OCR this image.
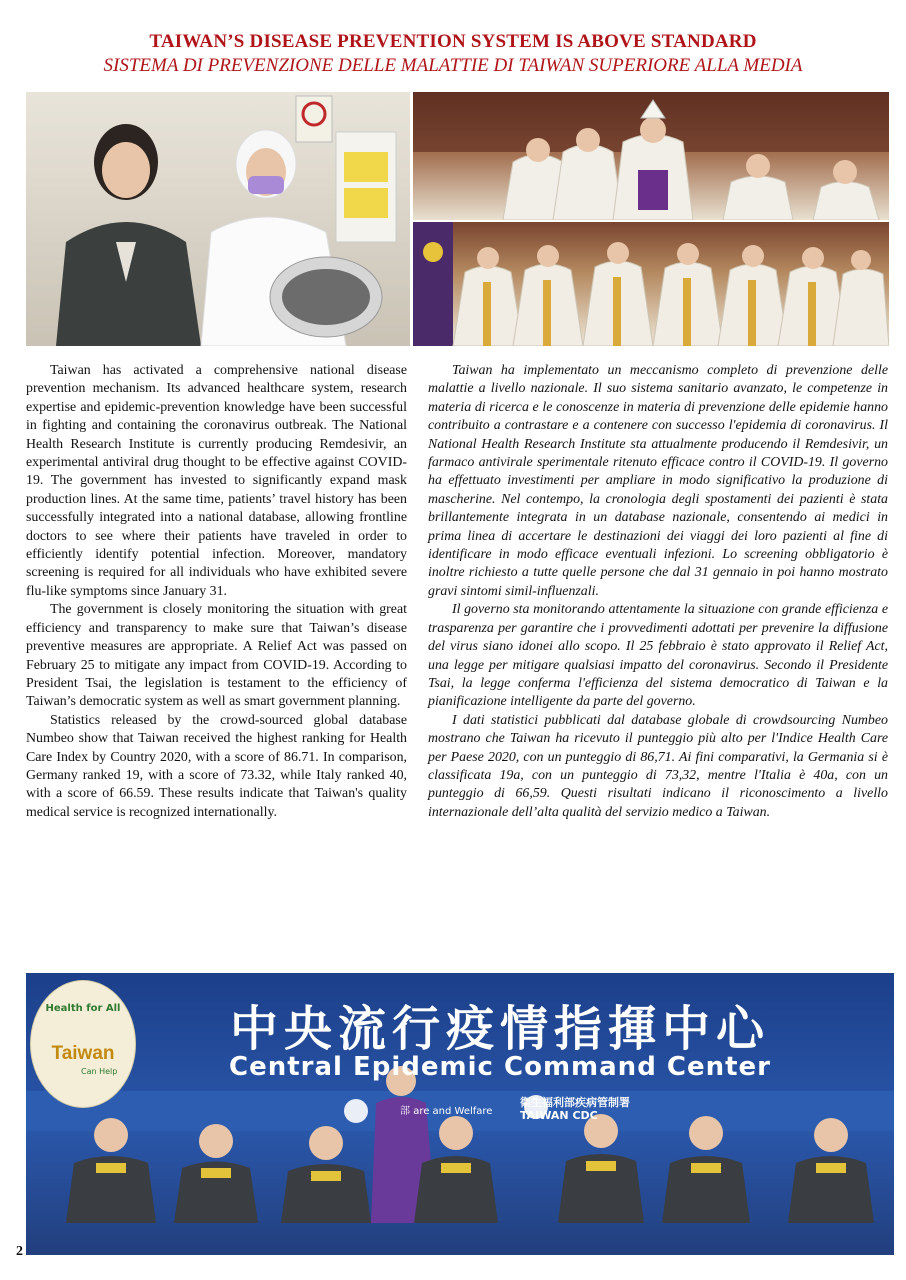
TAIWAN’S DISEASE PREVENTION SYSTEM IS ABOVE STANDARD
SISTEMA DI PREVENZIONE DELLE MALATTIE DI TAIWAN SUPERIORE ALLA MEDIA

Taiwan has activated a comprehensive national disease prevention mechanism. Its advanced healthcare system, research expertise and epidemic-prevention knowledge have been successful in fighting and containing the coronavirus outbreak. The National Health Research Institute is currently producing Remdesivir, an experimental antiviral drug thought to be effective against COVID-19. The government has invested to significantly expand mask production lines. At the same time, patients’ travel history has been successfully integrated into a national database, allowing frontline doctors to see where their patients have traveled in order to efficiently identify potential infection. Moreover, mandatory screening is required for all individuals who have exhibited severe flu-like symptoms since January 31.

The government is closely monitoring the situation with great efficiency and transparency to make sure that Taiwan’s disease preventive measures are appropriate. A Relief Act was passed on February 25 to mitigate any impact from COVID-19. According to President Tsai, the legislation is testament to the efficiency of Taiwan’s democratic system as well as smart government planning.

Statistics released by the crowd-sourced global database Numbeo show that Taiwan received the highest ranking for Health Care Index by Country 2020, with a score of 86.71. In comparison, Germany ranked 19, with a score of 73.32, while Italy ranked 40, with a score of 66.59. These results indicate that Taiwan's quality medical service is recognized internationally.

Taiwan ha implementato un meccanismo completo di prevenzione delle malattie a livello nazionale. Il suo sistema sanitario avanzato, le competenze in materia di ricerca e le conoscenze in materia di prevenzione delle epidemie hanno contribuito a contrastare e a contenere con successo l'epidemia di coronavirus. Il National Health Research Institute sta attualmente producendo il Remdesivir, un farmaco antivirale sperimentale ritenuto efficace contro il COVID-19. Il governo ha effettuato investimenti per ampliare in modo significativo la produzione di mascherine. Nel contempo, la cronologia degli spostamenti dei pazienti è stata brillantemente integrata in un database nazionale, consentendo ai medici in prima linea di accertare le destinazioni dei viaggi dei loro pazienti al fine di identificare in modo efficace eventuali infezioni. Lo screening obbligatorio è inoltre richiesto a tutte quelle persone che dal 31 gennaio in poi hanno mostrato gravi sintomi simil-influenzali.

Il governo sta monitorando attentamente la situazione con grande efficienza e trasparenza per garantire che i provvedimenti adottati per prevenire la diffusione del virus siano idonei allo scopo. Il 25 febbraio è stato approvato il Relief Act, una legge per mitigare qualsiasi impatto del coronavirus. Secondo il Presidente Tsai, la legge conferma l'efficienza del sistema democratico di Taiwan e la pianificazione intelligente da parte del governo.

I dati statistici pubblicati dal database globale di crowdsourcing Numbeo mostrano che Taiwan ha ricevuto il punteggio più alto per l'Indice Health Care per Paese 2020, con un punteggio di 86,71. Ai fini comparativi, la Germania si è classificata 19a, con un punteggio di 73,32, mentre l'Italia è 40a, con un punteggio di 66,59. Questi risultati indicano il riconoscimento a livello internazionale dell’alta qualità del servizio medico a Taiwan.

Health for All
Taiwan
Can Help
中央流行疫情指揮中心
Central Epidemic Command Center
部 are and Welfare
衛生福利部疾病管制署
TAIWAN CDC
2
